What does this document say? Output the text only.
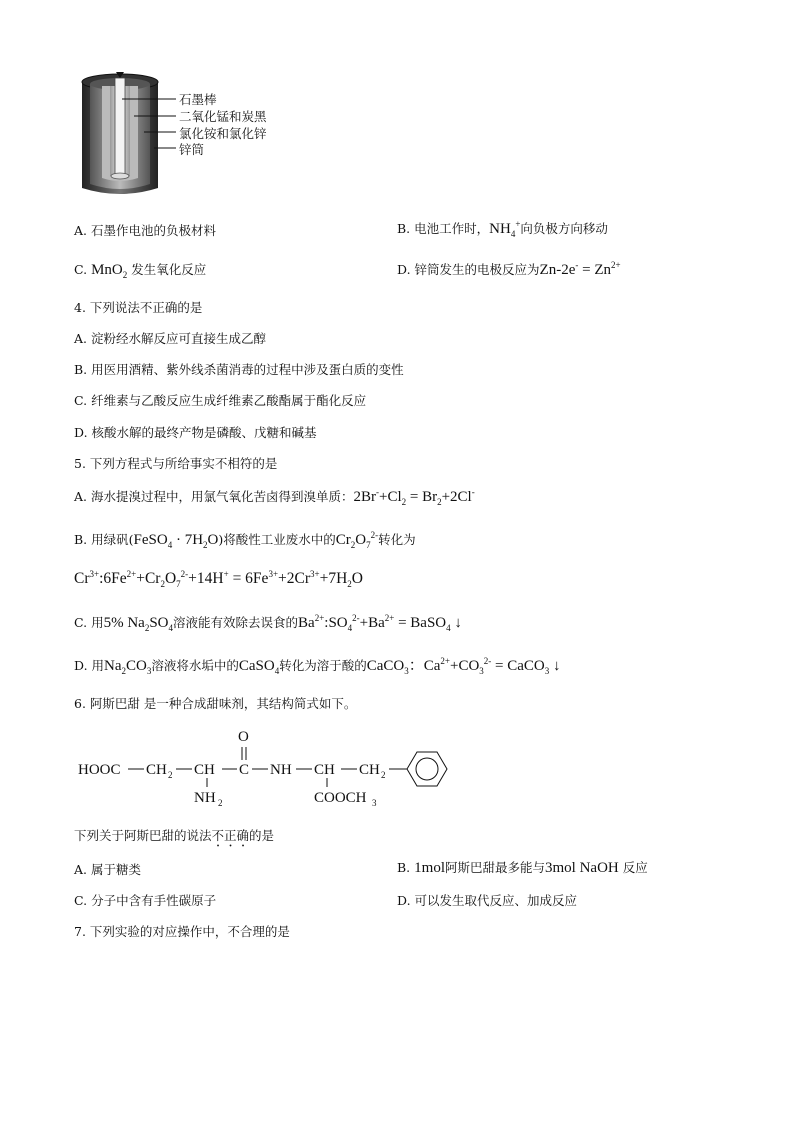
石墨棒
二氧化锰和炭黑
氯化铵和氯化锌
锌筒
A. 石墨作电池的负极材料	B. 电池工作时，$NH_4^+$向负极方向移动
C. MnO$_2$ 发生氧化反应	D. 锌筒发生的电极反应为$Zn-2e^- = Zn^{2+}$
4. 下列说法不正确的是
A. 淀粉经水解反应可直接生成乙醇
B. 用医用酒精、紫外线杀菌消毒的过程中涉及蛋白质的变性
C. 纤维素与乙酸反应生成纤维素乙酸酯属于酯化反应
D. 核酸水解的最终产物是磷酸、戊糖和碱基
5. 下列方程式与所给事实不相符的是
A. 海水提溴过程中，用氯气氧化苦卤得到溴单质：$2Br^-+Cl_2 = Br_2+2Cl^-$
B. 用绿矾(FeSO$_4$ · $7H_2O$)将酸性工业废水中的$Cr_2O_7^{2-}$转化为
$Cr^{3+}:6Fe^{2+}+Cr_2O_7^{2-}+14H^+ = 6Fe^{3+}+2Cr^{3+}+7H_2O$
C. 用5% $Na_2SO_4$溶液能有效除去误食的$Ba^{2+}:SO_4^{2-}+Ba^{2+}$ = BaSO$_4$ ↓
D. 用$Na_2CO_3$溶液将水垢中的CaSO$_4$转化为溶于酸的CaCO$_3$：$Ca^{2+}+CO_3^{2-}$ = CaCO$_3$ ↓
6. 阿斯巴甜 是一种合成甜味剂，其结构简式如下。
HOOC CH 2 CH
NH 2
C
O
NH CH
COOCH 3
CH 2
下列关于阿斯巴甜的说法不正确的是
A. 属于糖类	B. 1mol阿斯巴甜最多能与3mol NaOH 反应
C. 分子中含有手性碳原子	D. 可以发生取代反应、加成反应
7. 下列实验的对应操作中，不合理的是
